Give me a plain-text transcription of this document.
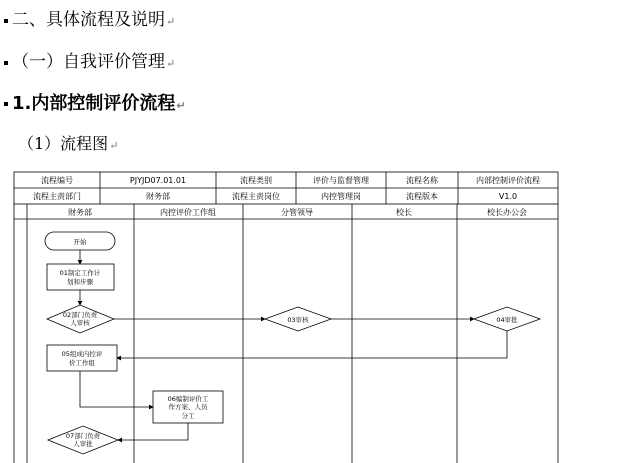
二、具体流程及说明↵
（一）自我评价管理↵
1.内部控制评价流程↵
（1）流程图↵
流程编号	PJYJD07.01.01	流程类别	评价与监督管理	流程名称	内部控制评价流程
流程主责部门	财务部	流程主责岗位	内控管理岗	流程版本	V1.0
财务部	内控评价工作组	分管领导	校长	校长办公会
开始
01制定工作计
划和步骤
02部门负责
人审核	03审核	04审批
05组成内控评
价工作组
06编制评价工
作方案、人员
分工
07部门负责
人审批
